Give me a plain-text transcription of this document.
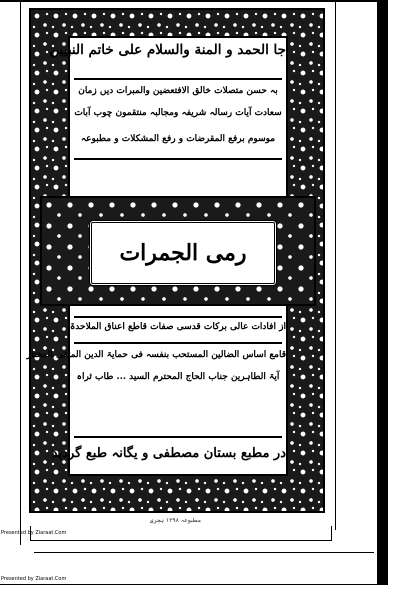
جا الحمد و المنة والسلام علی خاتم النبیین
بہ حسن متصلات خالق الافتعضین والمبرات دیں زمان
سعادت آیات رسالہ شریفہ ومجالبہ منتقمون چوب آبات
موسوم برفع المقرضات و رفع المشکلات و مطبوعہ
رمی الجمرات
از افادات عالی برکات قدسی صفات قاطع اعناق الملاحدۃ
قامع اساس الضالین المستحب بنفسہ فی حمایۃ الدین المتقی المختار
آیۃ الطاہرین جناب الحاج المحترم السید ... طاب ثراہ
در مطبع بستان مصطفی و یگانہ طبع گردید
مطبوعہ ۱۲۹۸ ہجری
Presented by Ziaraat.Com
Presented by Ziaraat.Com
